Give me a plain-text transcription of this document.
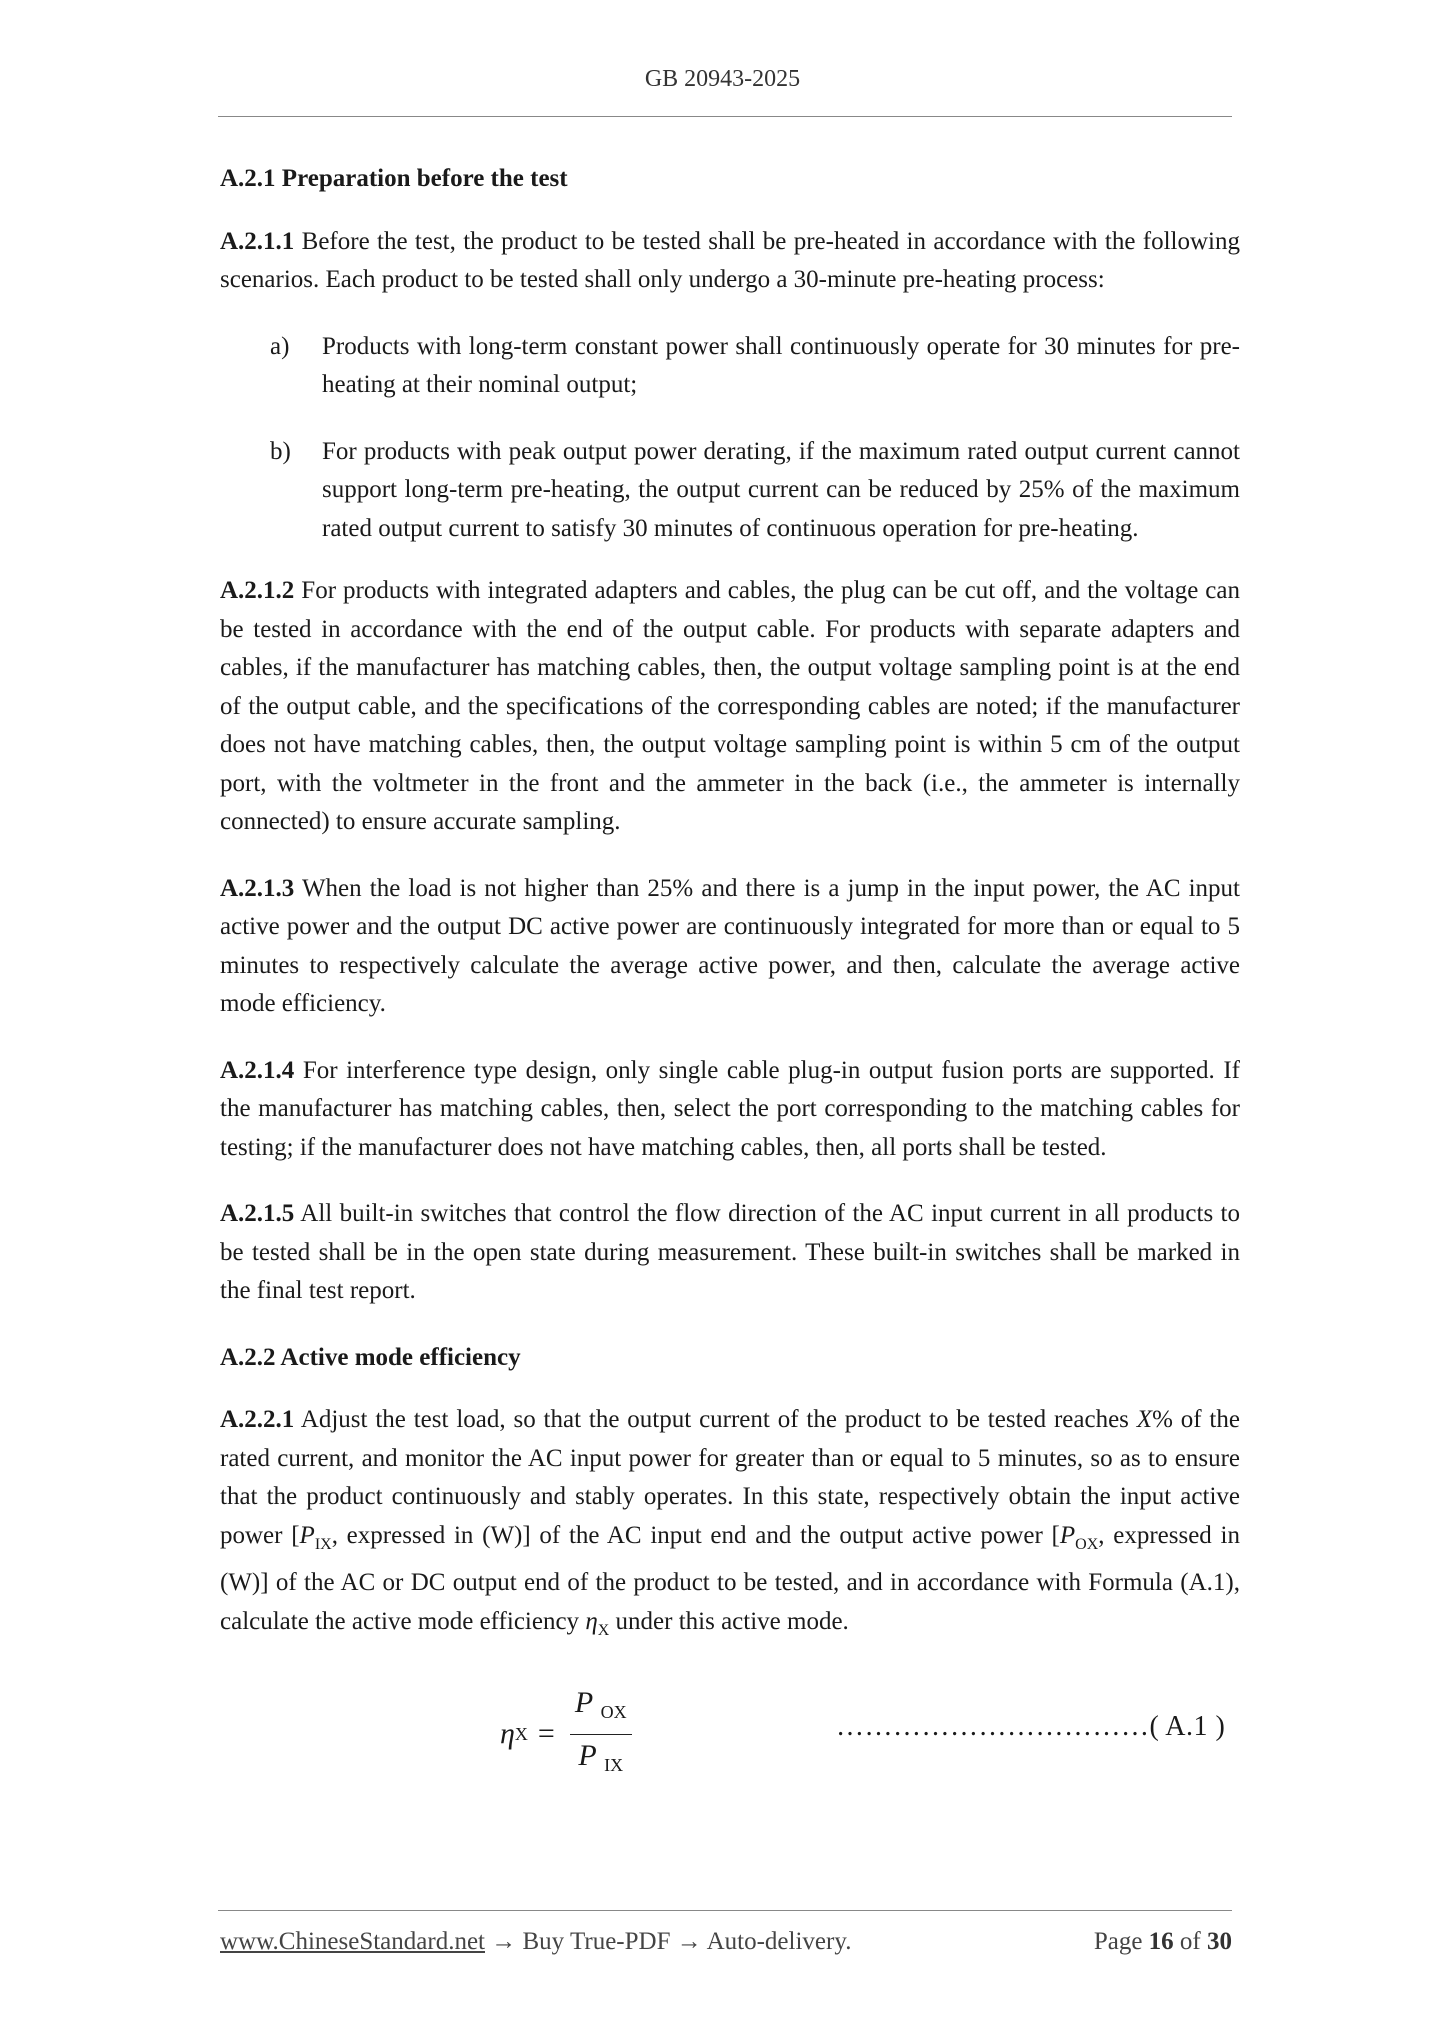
GB 20943-2025
A.2.1 Preparation before the test

A.2.1.1 Before the test, the product to be tested shall be pre-heated in accordance with the following scenarios. Each product to be tested shall only undergo a 30-minute pre-heating process:

a)	Products with long-term constant power shall continuously operate for 30 minutes for pre-heating at their nominal output;
b)	For products with peak output power derating, if the maximum rated output current cannot support long-term pre-heating, the output current can be reduced by 25% of the maximum rated output current to satisfy 30 minutes of continuous operation for pre-heating.

A.2.1.2 For products with integrated adapters and cables, the plug can be cut off, and the voltage can be tested in accordance with the end of the output cable. For products with separate adapters and cables, if the manufacturer has matching cables, then, the output voltage sampling point is at the end of the output cable, and the specifications of the corresponding cables are noted; if the manufacturer does not have matching cables, then, the output voltage sampling point is within 5 cm of the output port, with the voltmeter in the front and the ammeter in the back (i.e., the ammeter is internally connected) to ensure accurate sampling.

A.2.1.3 When the load is not higher than 25% and there is a jump in the input power, the AC input active power and the output DC active power are continuously integrated for more than or equal to 5 minutes to respectively calculate the average active power, and then, calculate the average active mode efficiency.

A.2.1.4 For interference type design, only single cable plug-in output fusion ports are supported. If the manufacturer has matching cables, then, select the port corresponding to the matching cables for testing; if the manufacturer does not have matching cables, then, all ports shall be tested.

A.2.1.5 All built-in switches that control the flow direction of the AC input current in all products to be tested shall be in the open state during measurement. These built-in switches shall be marked in the final test report.

A.2.2 Active mode efficiency

A.2.2.1 Adjust the test load, so that the output current of the product to be tested reaches X% of the rated current, and monitor the AC input power for greater than or equal to 5 minutes, so as to ensure that the product continuously and stably operates. In this state, respectively obtain the input active power [$P_{IX}$, expressed in (W)] of the AC input end and the output active power [$P_{OX}$, expressed in (W)] of the AC or DC output end of the product to be tested, and in accordance with Formula (A.1), calculate the active mode efficiency $\eta_X$ under this active mode.

η $X = \frac{P _{OX}}{P _{IX}}$	……………………………( A.1 )
www.ChineseStandard.net → Buy True-PDF → Auto-delivery.	Page 16 of 30
